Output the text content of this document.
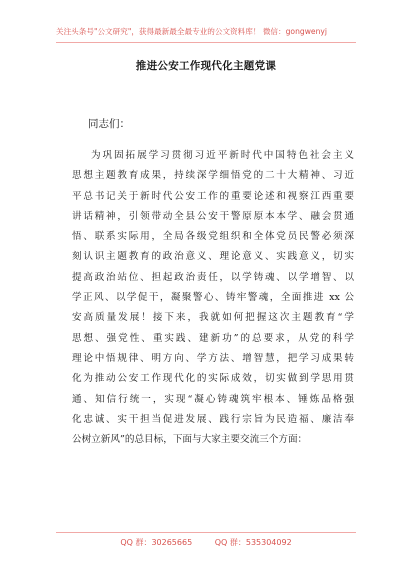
关注头条号"公文研究"，获得最新最全最专业的公文资料库！ 微信：gongwenyj
推进公安工作现代化主题党课
同志们：
为巩固拓展学习贯彻习近平新时代中国特色社会主义
思想主题教育成果，持续深学细悟党的二十大精神、习近
平总书记关于新时代公安工作的重要论述和视察江西重要
讲话精神，引领带动全县公安干警原原本本学、融会贯通
悟、联系实际用，全局各级党组织和全体党员民警必须深
刻认识主题教育的政治意义、理论意义、实践意义，切实
提高政治站位、担起政治责任，以学铸魂、以学增智、以
学正风、以学促干，凝聚警心、铸牢警魂，全面推进 xx 公
安高质量发展！接下来，我就如何把握这次主题教育“学
思想、强党性、重实践、建新功”的总要求，从党的科学
理论中悟规律、明方向、学方法、增智慧，把学习成果转
化为推动公安工作现代化的实际成效，切实做到学思用贯
通、知信行统一，实现“凝心铸魂筑牢根本、锤炼品格强
化忠诚、实干担当促进发展、践行宗旨为民造福、廉洁奉
公树立新风”的总目标，下面与大家主要交流三个方面：
QQ 群：30265665	QQ 群：535304092
